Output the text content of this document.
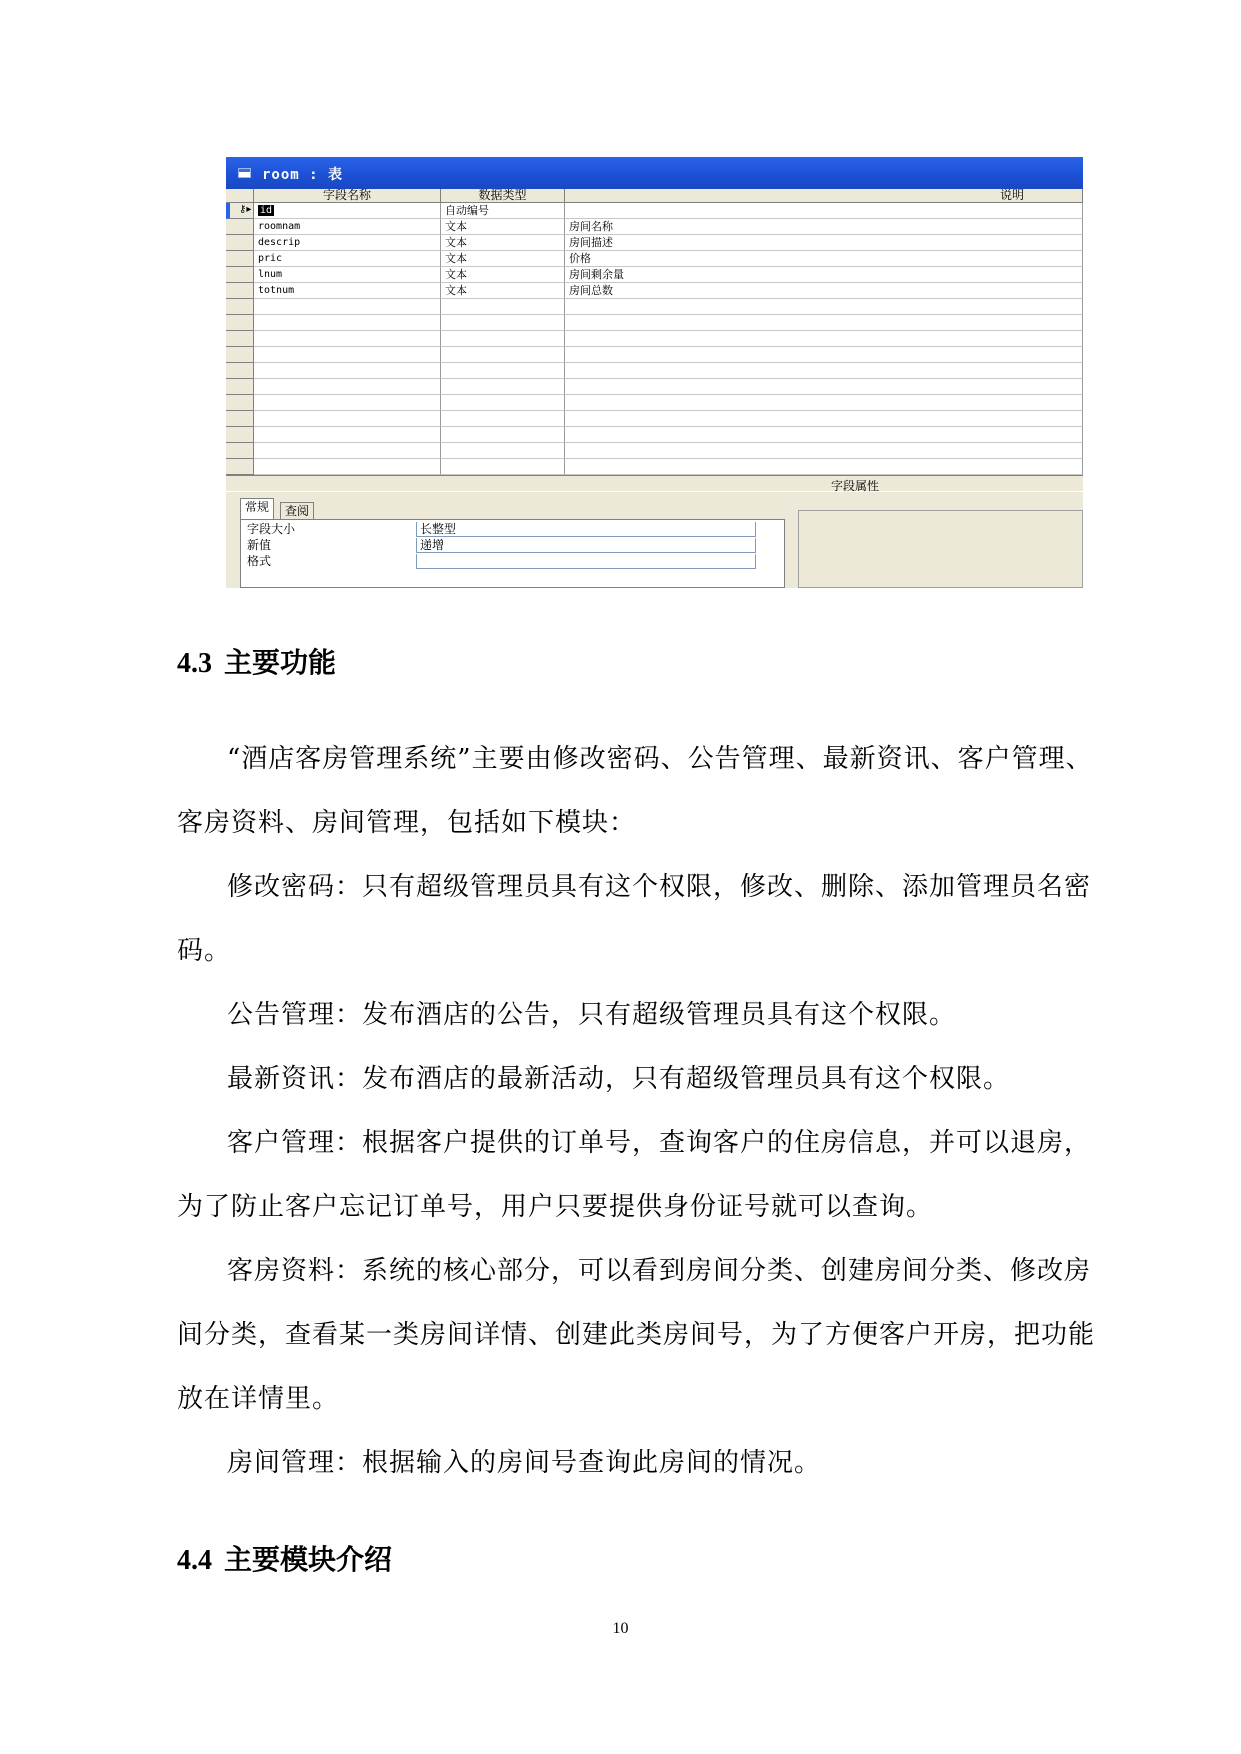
room : 表
字段名称	数据类型	说明
⚷▸ id	自动编号
roomnam	文本	房间名称
descrip	文本	房间描述
pric	文本	价格
lnum	文本	房间剩余量
totnum	文本	房间总数
字段属性
常规	查阅
字段大小	长整型
新值	递增
格式
4.3 主要功能
“酒店客房管理系统”主要由修改密码、公告管理、最新资讯、客户管理、客房资料、房间管理，包括如下模块：
修改密码：只有超级管理员具有这个权限，修改、删除、添加管理员名密码。
公告管理：发布酒店的公告，只有超级管理员具有这个权限。
最新资讯：发布酒店的最新活动，只有超级管理员具有这个权限。
客户管理：根据客户提供的订单号，查询客户的住房信息，并可以退房，为了防止客户忘记订单号，用户只要提供身份证号就可以查询。
客房资料：系统的核心部分，可以看到房间分类、创建房间分类、修改房间分类，查看某一类房间详情、创建此类房间号，为了方便客户开房，把功能放在详情里。
房间管理：根据输入的房间号查询此房间的情况。
4.4 主要模块介绍
10
